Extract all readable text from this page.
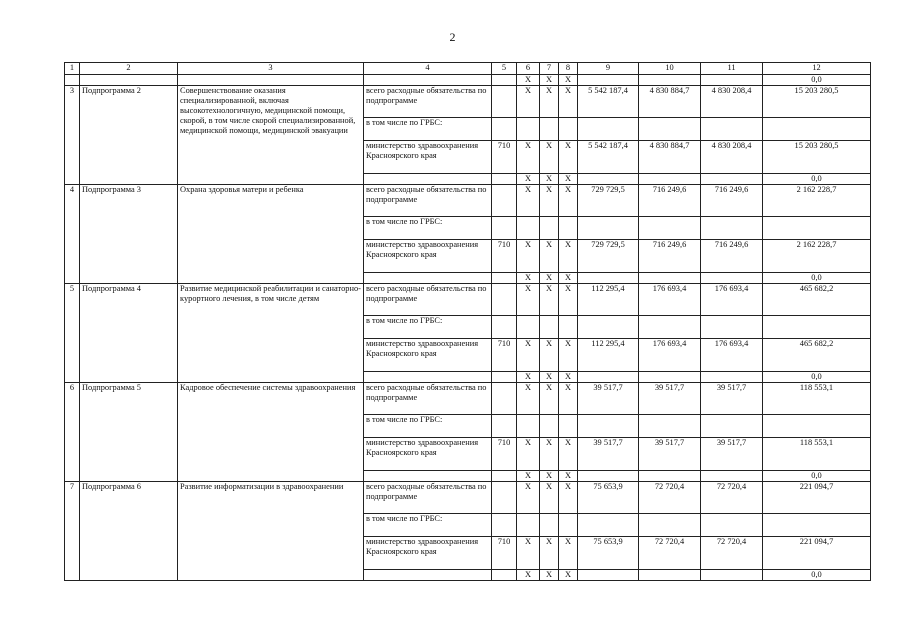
2
1	2	3	4	5	6	7	8	9	10	11	12
					X	X	X				0,0
3	Подпрограмма 2	Совершенствование оказания специализированной, включая высокотехнологичную, медицинской помощи, скорой, в том числе скорой специализированной, медицинской помощи, медицинской эвакуации	всего расходные обязательства по подпрограмме		X	X	X	5 542 187,4	4 830 884,7	4 830 208,4	15 203 280,5
			в том числе по ГРБС:								
			министерство здравоохранения Красноярского края	710	X	X	X	5 542 187,4	4 830 884,7	4 830 208,4	15 203 280,5
					X	X	X				0,0
4	Подпрограмма 3	Охрана здоровья матери и ребенка	всего расходные обязательства по подпрограмме		X	X	X	729 729,5	716 249,6	716 249,6	2 162 228,7
			в том числе по ГРБС:								
			министерство здравоохранения Красноярского края	710	X	X	X	729 729,5	716 249,6	716 249,6	2 162 228,7
					X	X	X				0,0
5	Подпрограмма 4	Развитие медицинской реабилитации и санаторно-курортного лечения, в том числе детям	всего расходные обязательства по подпрограмме		X	X	X	112 295,4	176 693,4	176 693,4	465 682,2
			в том числе по ГРБС:								
			министерство здравоохранения Красноярского края	710	X	X	X	112 295,4	176 693,4	176 693,4	465 682,2
					X	X	X				0,0
6	Подпрограмма 5	Кадровое обеспечение системы здравоохранения	всего расходные обязательства по подпрограмме		X	X	X	39 517,7	39 517,7	39 517,7	118 553,1
			в том числе по ГРБС:								
			министерство здравоохранения Красноярского края	710	X	X	X	39 517,7	39 517,7	39 517,7	118 553,1
					X	X	X				0,0
7	Подпрограмма 6	Развитие информатизации в здравоохранении	всего расходные обязательства по подпрограмме		X	X	X	75 653,9	72 720,4	72 720,4	221 094,7
			в том числе по ГРБС:								
			министерство здравоохранения Красноярского края	710	X	X	X	75 653,9	72 720,4	72 720,4	221 094,7
					X	X	X				0,0
